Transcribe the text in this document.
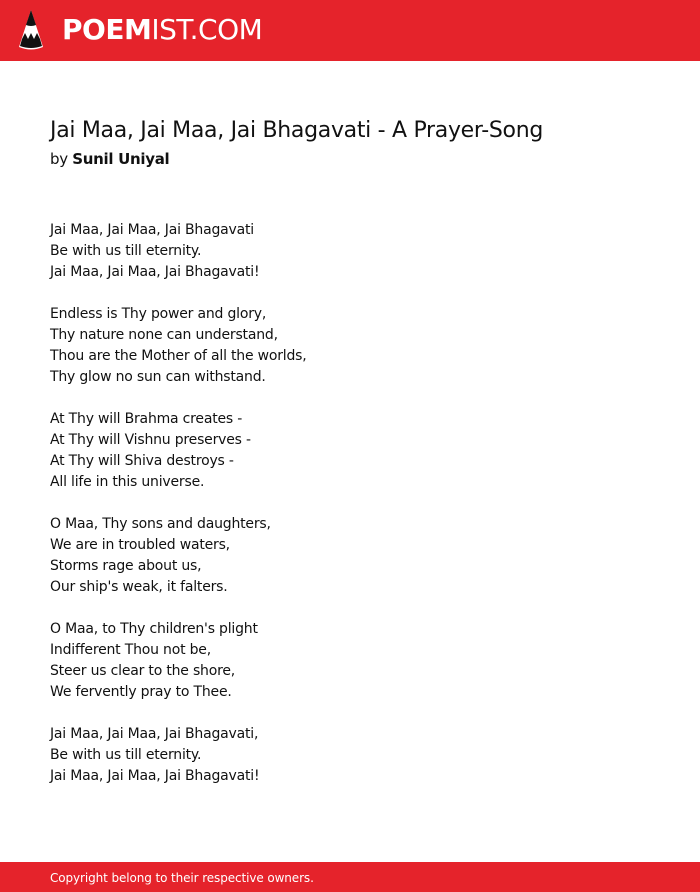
POEMIST.COM
Jai Maa, Jai Maa, Jai Bhagavati - A Prayer-Song

by Sunil Uniyal

Jai Maa, Jai Maa, Jai Bhagavati
Be with us till eternity.
Jai Maa, Jai Maa, Jai Bhagavati!
Endless is Thy power and glory,
Thy nature none can understand,
Thou are the Mother of all the worlds,
Thy glow no sun can withstand.
At Thy will Brahma creates -
At Thy will Vishnu preserves -
At Thy will Shiva destroys -
All life in this universe.
O Maa, Thy sons and daughters,
We are in troubled waters,
Storms rage about us,
Our ship's weak, it falters.
O Maa, to Thy children's plight
Indifferent Thou not be,
Steer us clear to the shore,
We fervently pray to Thee.
Jai Maa, Jai Maa, Jai Bhagavati,
Be with us till eternity.
Jai Maa, Jai Maa, Jai Bhagavati!
Copyright belong to their respective owners.
